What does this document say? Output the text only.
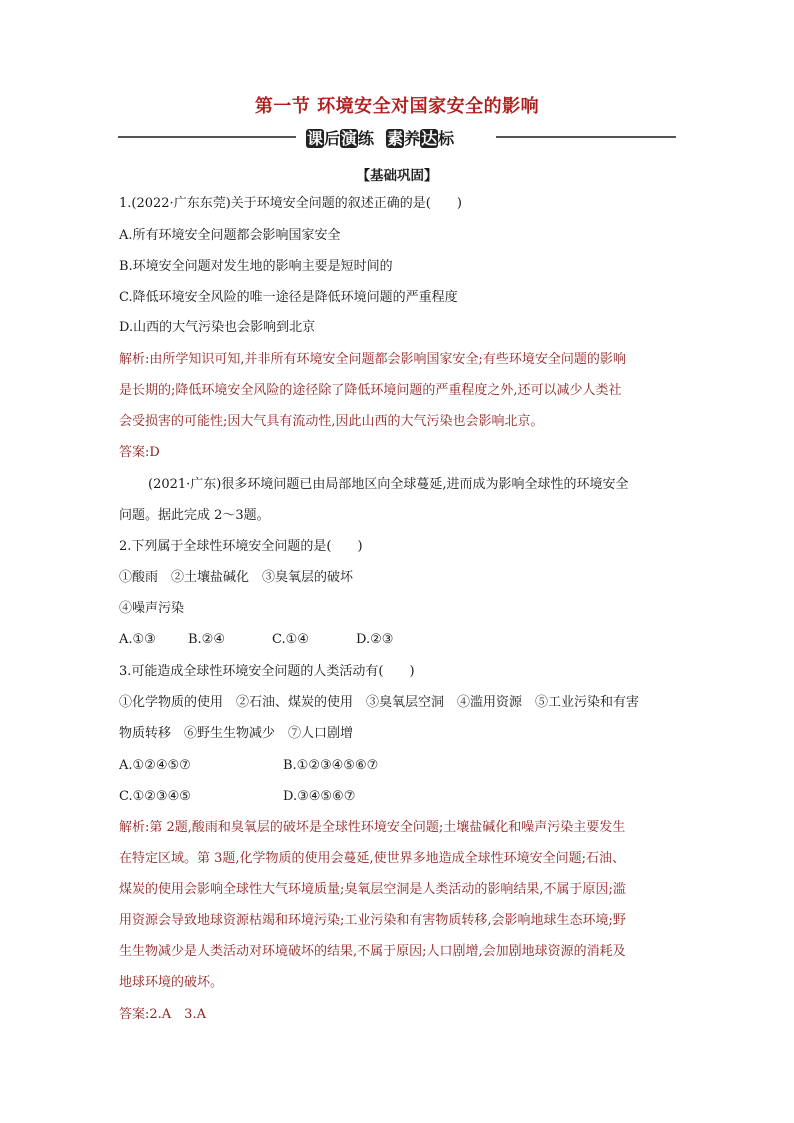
第一节 环境安全对国家安全的影响
课后演练 素养达标
【基础巩固】
1.(2022·广东东莞)关于环境安全问题的叙述正确的是(　　)
A.所有环境安全问题都会影响国家安全
B.环境安全问题对发生地的影响主要是短时间的
C.降低环境安全风险的唯一途径是降低环境问题的严重程度
D.山西的大气污染也会影响到北京
解析:由所学知识可知,并非所有环境安全问题都会影响国家安全;有些环境安全问题的影响
是长期的;降低环境安全风险的途径除了降低环境问题的严重程度之外,还可以减少人类社
会受损害的可能性;因大气具有流动性,因此山西的大气污染也会影响北京。
答案:D
(2021·广东)很多环境问题已由局部地区向全球蔓延,进而成为影响全球性的环境安全
问题。据此完成 2～3题。
2.下列属于全球性环境安全问题的是(　　)
①酸雨　②土壤盐碱化　③臭氧层的破坏
④噪声污染
A.①③ B.②④	C.①④	D.②③
3.可能造成全球性环境安全问题的人类活动有(　　)
①化学物质的使用　②石油、煤炭的使用　③臭氧层空洞　④滥用资源　⑤工业污染和有害
物质转移　⑥野生生物减少　⑦人口剧增
A.①②④⑤⑦	B.①②③④⑤⑥⑦
C.①②③④⑤	D.③④⑤⑥⑦
解析:第 2题,酸雨和臭氧层的破坏是全球性环境安全问题;土壤盐碱化和噪声污染主要发生
在特定区域。第 3题,化学物质的使用会蔓延,使世界多地造成全球性环境安全问题;石油、
煤炭的使用会影响全球性大气环境质量;臭氧层空洞是人类活动的影响结果,不属于原因;滥
用资源会导致地球资源枯竭和环境污染;工业污染和有害物质转移,会影响地球生态环境;野
生生物减少是人类活动对环境破坏的结果,不属于原因;人口剧增,会加剧地球资源的消耗及
地球环境的破坏。
答案:2.A　3.A
